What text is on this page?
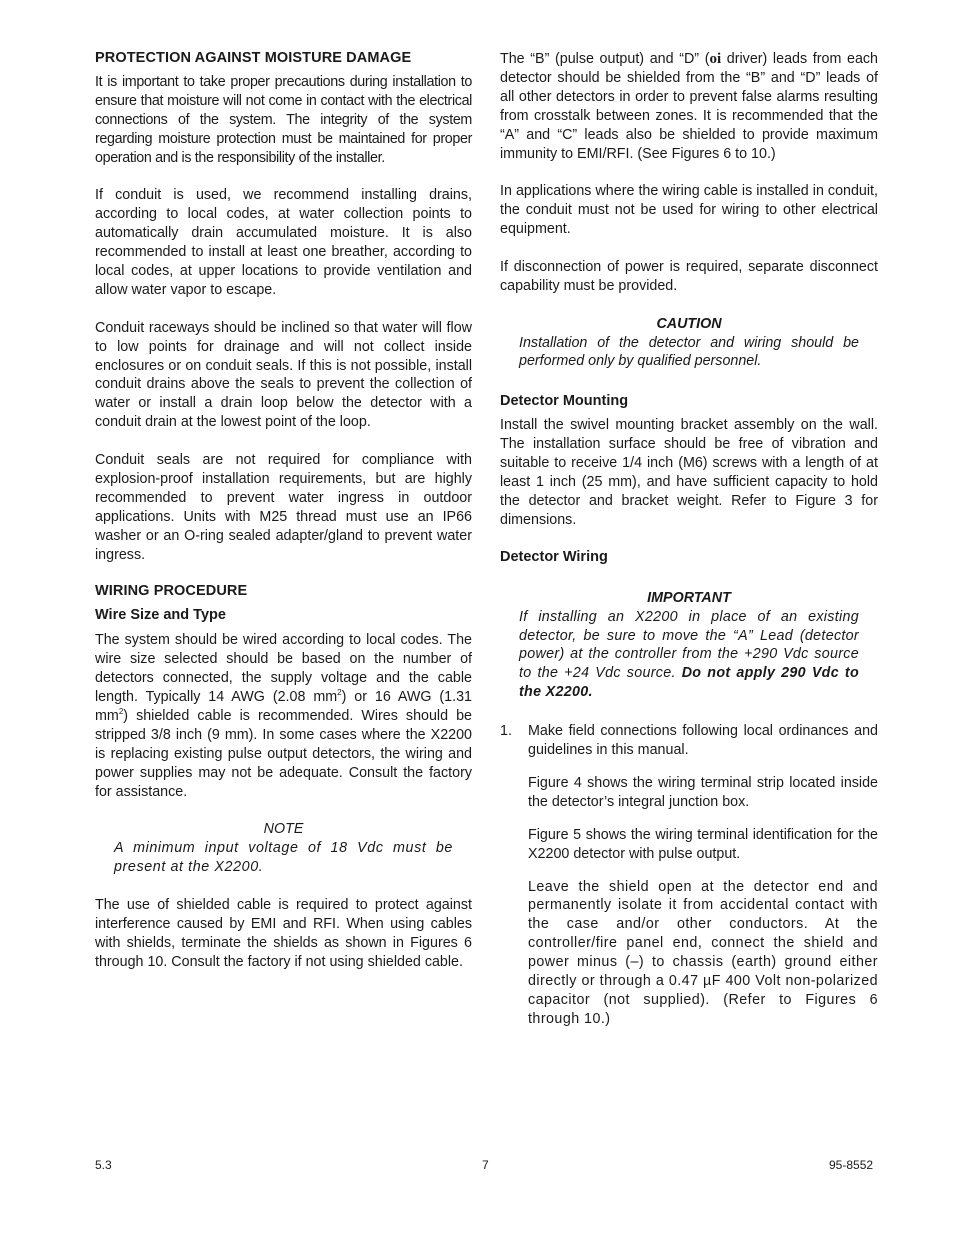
PROTECTION AGAINST MOISTURE DAMAGE

It is important to take proper precautions during installation to ensure that moisture will not come in contact with the electrical connections of the system. The integrity of the system regarding moisture protection must be maintained for proper operation and is the responsibility of the installer.

If conduit is used, we recommend installing drains, according to local codes, at water collection points to automatically drain accumulated moisture. It is also recommended to install at least one breather, according to local codes, at upper locations to provide ventilation and allow water vapor to escape.

Conduit raceways should be inclined so that water will flow to low points for drainage and will not collect inside enclosures or on conduit seals. If this is not possible, install conduit drains above the seals to prevent the collection of water or install a drain loop below the detector with a conduit drain at the lowest point of the loop.

Conduit seals are not required for compliance with explosion-proof installation requirements, but are highly recommended to prevent water ingress in outdoor applications. Units with M25 thread must use an IP66 washer or an O-ring sealed adapter/gland to prevent water ingress.

WIRING PROCEDURE
Wire Size and Type

The system should be wired according to local codes. The wire size selected should be based on the number of detectors connected, the supply voltage and the cable length. Typically 14 AWG (2.08 $mm^2$) or 16 AWG (1.31 $mm^2$) shielded cable is recommended. Wires should be stripped 3/8 inch (9 mm). In some cases where the X2200 is replacing existing pulse output detectors, the wiring and power supplies may not be adequate. Consult the factory for assistance.

NOTE
A minimum input voltage of 18 Vdc must be present at the X2200.

The use of shielded cable is required to protect against interference caused by EMI and RFI. When using cables with shields, terminate the shields as shown in Figures 6 through 10. Consult the factory if not using shielded cable.

The “B” (pulse output) and “D” (oi driver) leads from each detector should be shielded from the “B” and “D” leads of all other detectors in order to prevent false alarms resulting from crosstalk between zones. It is recommended that the “A” and “C” leads also be shielded to provide maximum immunity to EMI/RFI. (See Figures 6 to 10.)

In applications where the wiring cable is installed in conduit, the conduit must not be used for wiring to other electrical equipment.

If disconnection of power is required, separate disconnect capability must be provided.

CAUTION
Installation of the detector and wiring should be performed only by qualified personnel.
Detector Mounting

Install the swivel mounting bracket assembly on the wall. The installation surface should be free of vibration and suitable to receive 1/4 inch (M6) screws with a length of at least 1 inch (25 mm), and have sufficient capacity to hold the detector and bracket weight. Refer to Figure 3 for dimensions.

Detector Wiring
IMPORTANT
If installing an X2200 in place of an existing detector, be sure to move the “A” Lead (detector power) at the controller from the +290 Vdc source to the +24 Vdc source. Do not apply 290 Vdc to the X2200.
1.	Make field connections following local ordinances and guidelines in this manual.

Figure 4 shows the wiring terminal strip located inside the detector’s integral junction box.

Figure 5 shows the wiring terminal identification for the X2200 detector with pulse output.

Leave the shield open at the detector end and permanently isolate it from accidental contact with the case and/or other conductors. At the controller/fire panel end, connect the shield and power minus (–) to chassis (earth) ground either directly or through a 0.47 µF 400 Volt non-polarized capacitor (not supplied). (Refer to Figures 6 through 10.)

5.3	7	95-8552
